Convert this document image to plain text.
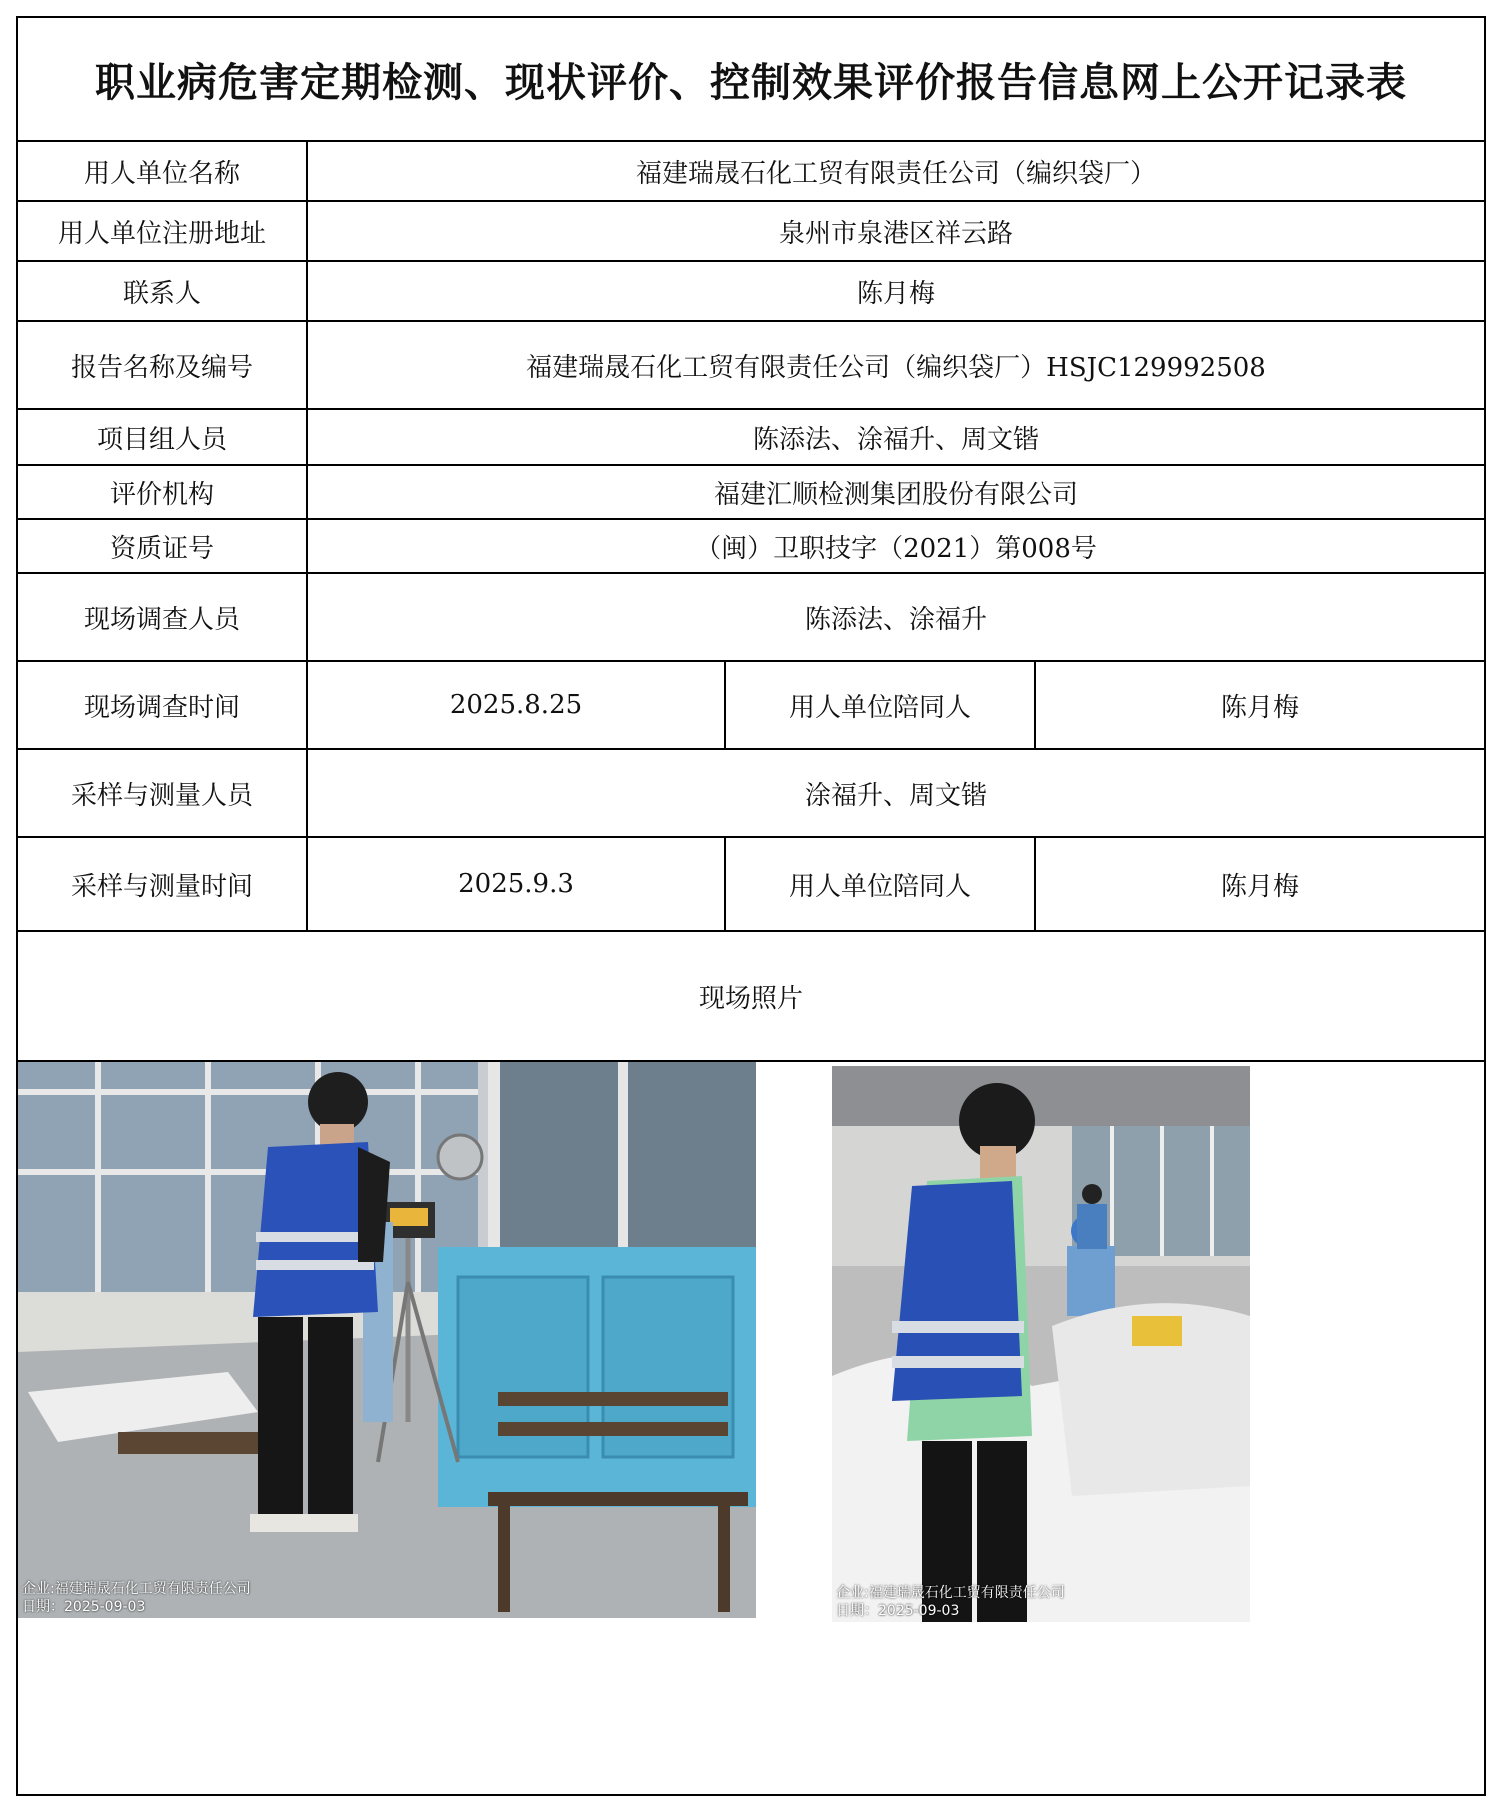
职业病危害定期检测、现状评价、控制效果评价报告信息网上公开记录表
用人单位名称	福建瑞晟石化工贸有限责任公司（编织袋厂）
用人单位注册地址	泉州市泉港区祥云路
联系人	陈月梅
报告名称及编号	福建瑞晟石化工贸有限责任公司（编织袋厂）HSJC129992508
项目组人员	陈添法、涂福升、周文锴
评价机构	福建汇顺检测集团股份有限公司
资质证号	（闽）卫职技字（2021）第008号
现场调查人员	陈添法、涂福升
现场调查时间	2025.8.25	用人单位陪同人	陈月梅
采样与测量人员	涂福升、周文锴
采样与测量时间	2025.9.3	用人单位陪同人	陈月梅
现场照片
企业:福建瑞晟石化工贸有限责任公司
日期：2025-09-03
企业:福建瑞晟石化工贸有限责任公司
日期：2025-09-03
